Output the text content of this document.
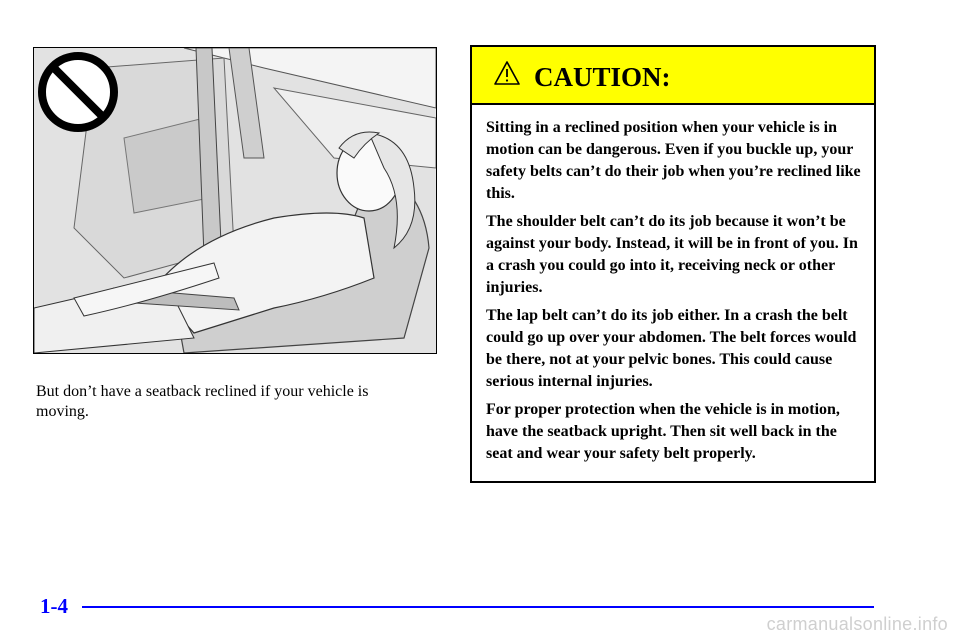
But don’t have a seatback reclined if your vehicle is moving.
CAUTION:

Sitting in a reclined position when your vehicle is in motion can be dangerous. Even if you buckle up, your safety belts can’t do their job when you’re reclined like this.

The shoulder belt can’t do its job because it won’t be against your body. Instead, it will be in front of you. In a crash you could go into it, receiving neck or other injuries.

The lap belt can’t do its job either. In a crash the belt could go up over your abdomen. The belt forces would be there, not at your pelvic bones. This could cause serious internal injuries.

For proper protection when the vehicle is in motion, have the seatback upright. Then sit well back in the seat and wear your safety belt properly.

1-4
carmanualsonline.info
